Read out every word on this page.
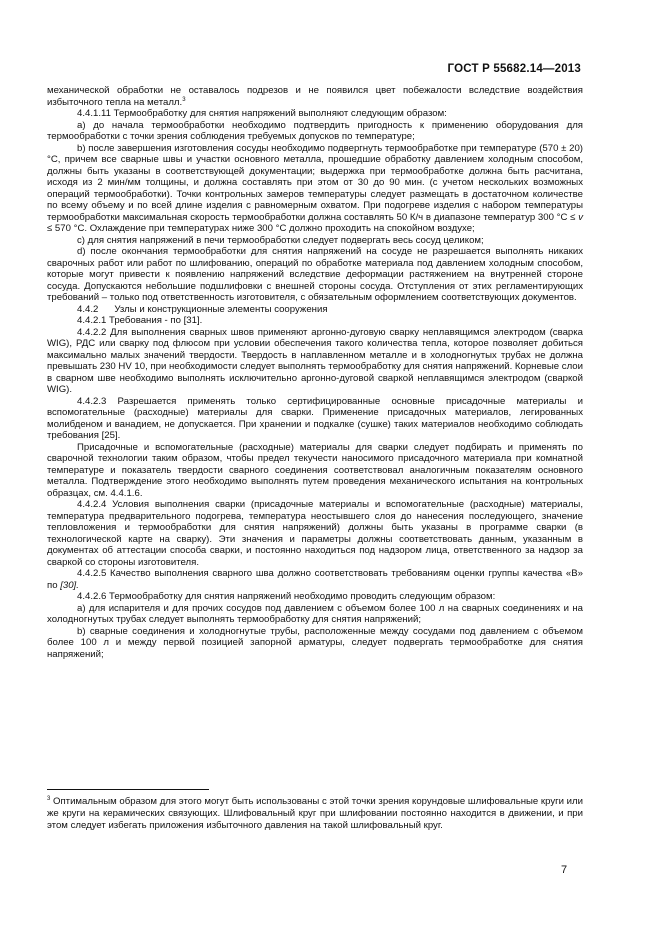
ГОСТ Р 55682.14—2013

механической обработки не оставалось подрезов и не появился цвет побежалости вследствие воздействия избыточного тепла на металл.$^3$

4.4.1.11 Термообработку для снятия напряжений выполняют следующим образом:

a) до начала термообработки необходимо подтвердить пригодность к применению оборудования для термообработки с точки зрения соблюдения требуемых допусков по температуре;

b) после завершения изготовления сосуды необходимо подвергнуть термообработке при температуре (570 ± 20)°С, причем все сварные швы и участки основного металла, прошедшие обработку давлением холодным способом, должны быть указаны в соответствующей документации; выдержка при термообработке должна быть расчитана, исходя из 2 мин/мм толщины, и должна составлять при этом от 30 до 90 мин. (с учетом нескольких возможных операций термообработки). Точки контрольных замеров температуры следует размещать в достаточном количестве по всему объему и по всей длине изделия с равномерным охватом. При подогреве изделия с набором температуры термообработки максимальная скорость термообработки должна составлять 50 К/ч в диапазоне температур 300 °С ≤ v ≤ 570 °С. Охлаждение при температурах ниже 300 °С должно проходить на спокойном воздухе;

c) для снятия напряжений в печи термообработки следует подвергать весь сосуд целиком;

d) после окончания термообработки для снятия напряжений на сосуде не разрешается выполнять никаких сварочных работ или работ по шлифованию, операций по обработке материала под давлением холодным способом, которые могут привести к появлению напряжений вследствие деформации растяжением на внутренней стороне сосуда. Допускаются небольшие подшлифовки с внешней стороны сосуда. Отступления от этих регламентирующих требований – только под ответственность изготовителя, с обязательным оформлением соответствующих документов.

4.4.2      Узлы и конструкционные элементы сооружения

4.4.2.1 Требования - по [31].

4.4.2.2 Для выполнения сварных швов применяют аргонно-дуговую сварку неплавящимся электродом (сварка WIG), РДС или сварку под флюсом при условии обеспечения такого количества тепла, которое позволяет добиться максимально малых значений твердости. Твердость в наплавленном металле и в холодногнутых трубах не должна превышать 230 HV 10, при необходимости следует выполнять термообработку для снятия напряжений. Корневые слои в сварном шве необходимо выполнять исключительно аргонно-дуговой сваркой неплавящимся электродом (сваркой WIG).

4.4.2.3 Разрешается применять только сертифицированные основные присадочные материалы и вспомогательные (расходные) материалы для сварки. Применение присадочных материалов, легированных молибденом и ванадием, не допускается. При хранении и подкалке (сушке) таких материалов необходимо соблюдать требования [25].

Присадочные и вспомогательные (расходные) материалы для сварки следует подбирать и применять по сварочной технологии таким образом, чтобы предел текучести наносимого присадочного материала при комнатной температуре и показатель твердости сварного соединения соответствовал аналогичным показателям основного металла. Подтверждение этого необходимо выполнять путем проведения механического испытания на контрольных образцах, см. 4.4.1.6.

4.4.2.4 Условия выполнения сварки (присадочные материалы и вспомогательные (расходные) материалы, температура предварительного подогрева, температура неостывшего слоя до нанесения последующего, значение тепловложения и термообработки для снятия напряжений) должны быть указаны в программе сварки (в технологической карте на сварку). Эти значения и параметры должны соответствовать данным, указанным в документах об аттестации способа сварки, и постоянно находиться под надзором лица, ответственного за надзор за сваркой со стороны изготовителя.

4.4.2.5 Качество выполнения сварного шва должно соответствовать требованиям оценки группы качества «В» по [30].

4.4.2.6 Термообработку для снятия напряжений необходимо проводить следующим образом:

a) для испарителя и для прочих сосудов под давлением с объемом более 100 л на сварных соединениях и на холодногнутых трубах следует выполнять термообработку для снятия напряжений;

b) сварные соединения и холодногнутые трубы, расположенные между сосудами под давлением с объемом более 100 л и между первой позицией запорной арматуры, следует подвергать термообработке для снятия напряжений;

$^3$ Оптимальным образом для этого могут быть использованы с этой точки зрения корундовые шлифовальные круги или же круги на керамических связующих. Шлифовальный круг при шлифовании постоянно находится в движении, и при этом следует избегать приложения избыточного давления на такой шлифовальный круг.

7
